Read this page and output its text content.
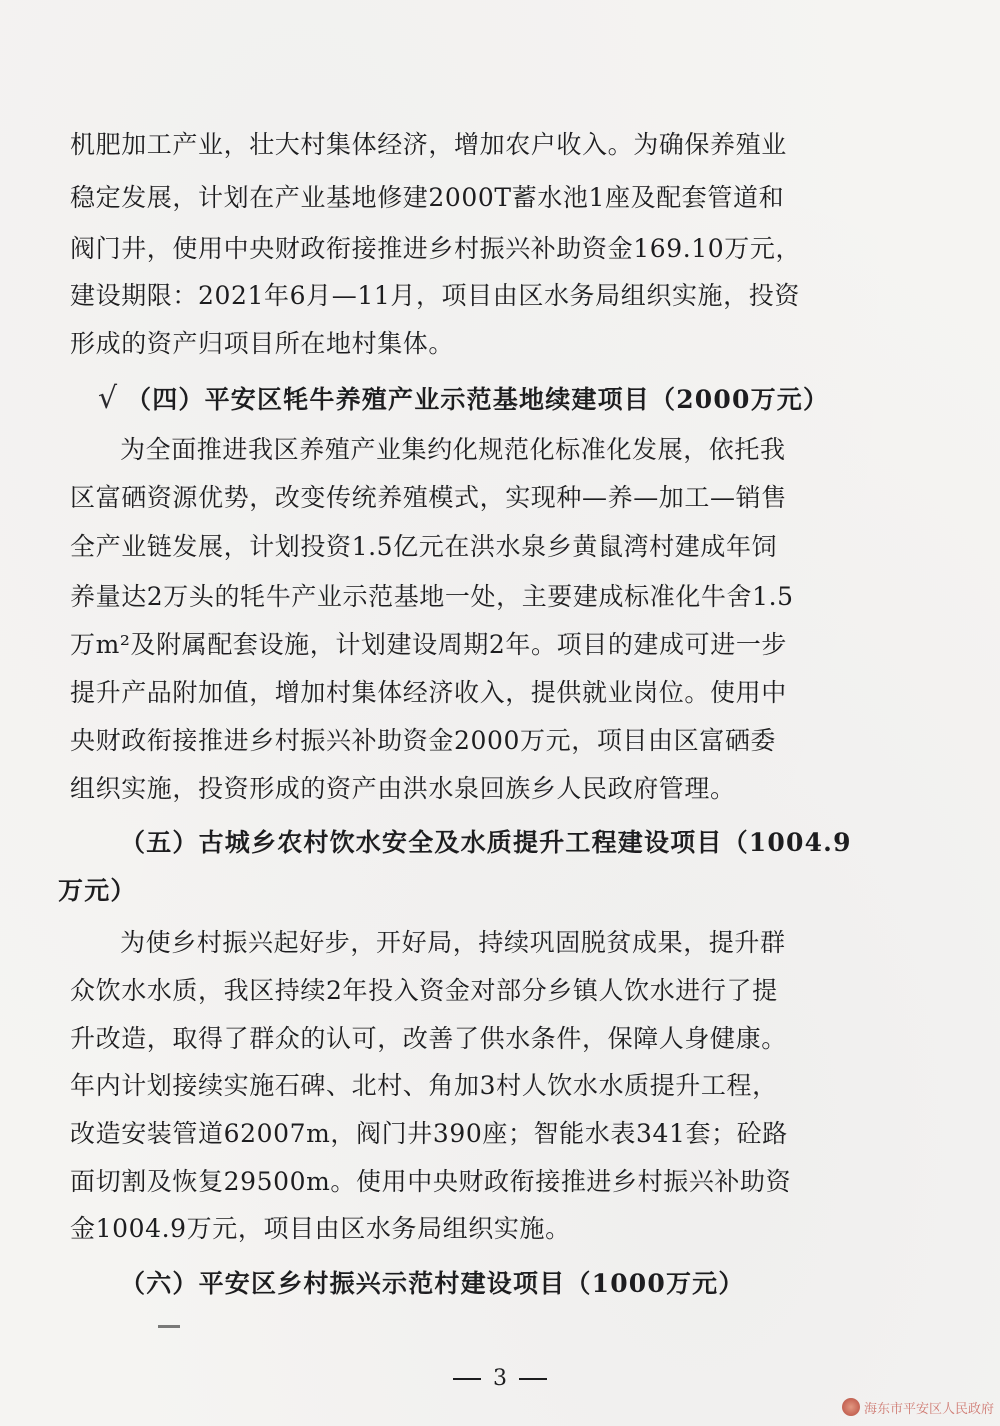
机肥加工产业，壮大村集体经济，增加农户收入。为确保养殖业
稳定发展，计划在产业基地修建2000T蓄水池1座及配套管道和
阀门井，使用中央财政衔接推进乡村振兴补助资金169.10万元，
建设期限：2021年6月—11月，项目由区水务局组织实施，投资
形成的资产归项目所在地村集体。
√ （四）平安区牦牛养殖产业示范基地续建项目（2000万元）
为全面推进我区养殖产业集约化规范化标准化发展，依托我
区富硒资源优势，改变传统养殖模式，实现种—养—加工—销售
全产业链发展，计划投资1.5亿元在洪水泉乡黄鼠湾村建成年饲
养量达2万头的牦牛产业示范基地一处，主要建成标准化牛舍1.5
万m²及附属配套设施，计划建设周期2年。项目的建成可进一步
提升产品附加值，增加村集体经济收入，提供就业岗位。使用中
央财政衔接推进乡村振兴补助资金2000万元，项目由区富硒委
组织实施，投资形成的资产由洪水泉回族乡人民政府管理。
（五）古城乡农村饮水安全及水质提升工程建设项目（1004.9
万元）
为使乡村振兴起好步，开好局，持续巩固脱贫成果，提升群
众饮水水质，我区持续2年投入资金对部分乡镇人饮水进行了提
升改造，取得了群众的认可，改善了供水条件，保障人身健康。
年内计划接续实施石碑、北村、角加3村人饮水水质提升工程，
改造安装管道62007m，阀门井390座；智能水表341套；砼路
面切割及恢复29500m。使用中央财政衔接推进乡村振兴补助资
金1004.9万元，项目由区水务局组织实施。
（六）平安区乡村振兴示范村建设项目（1000万元）
3
海东市平安区人民政府
